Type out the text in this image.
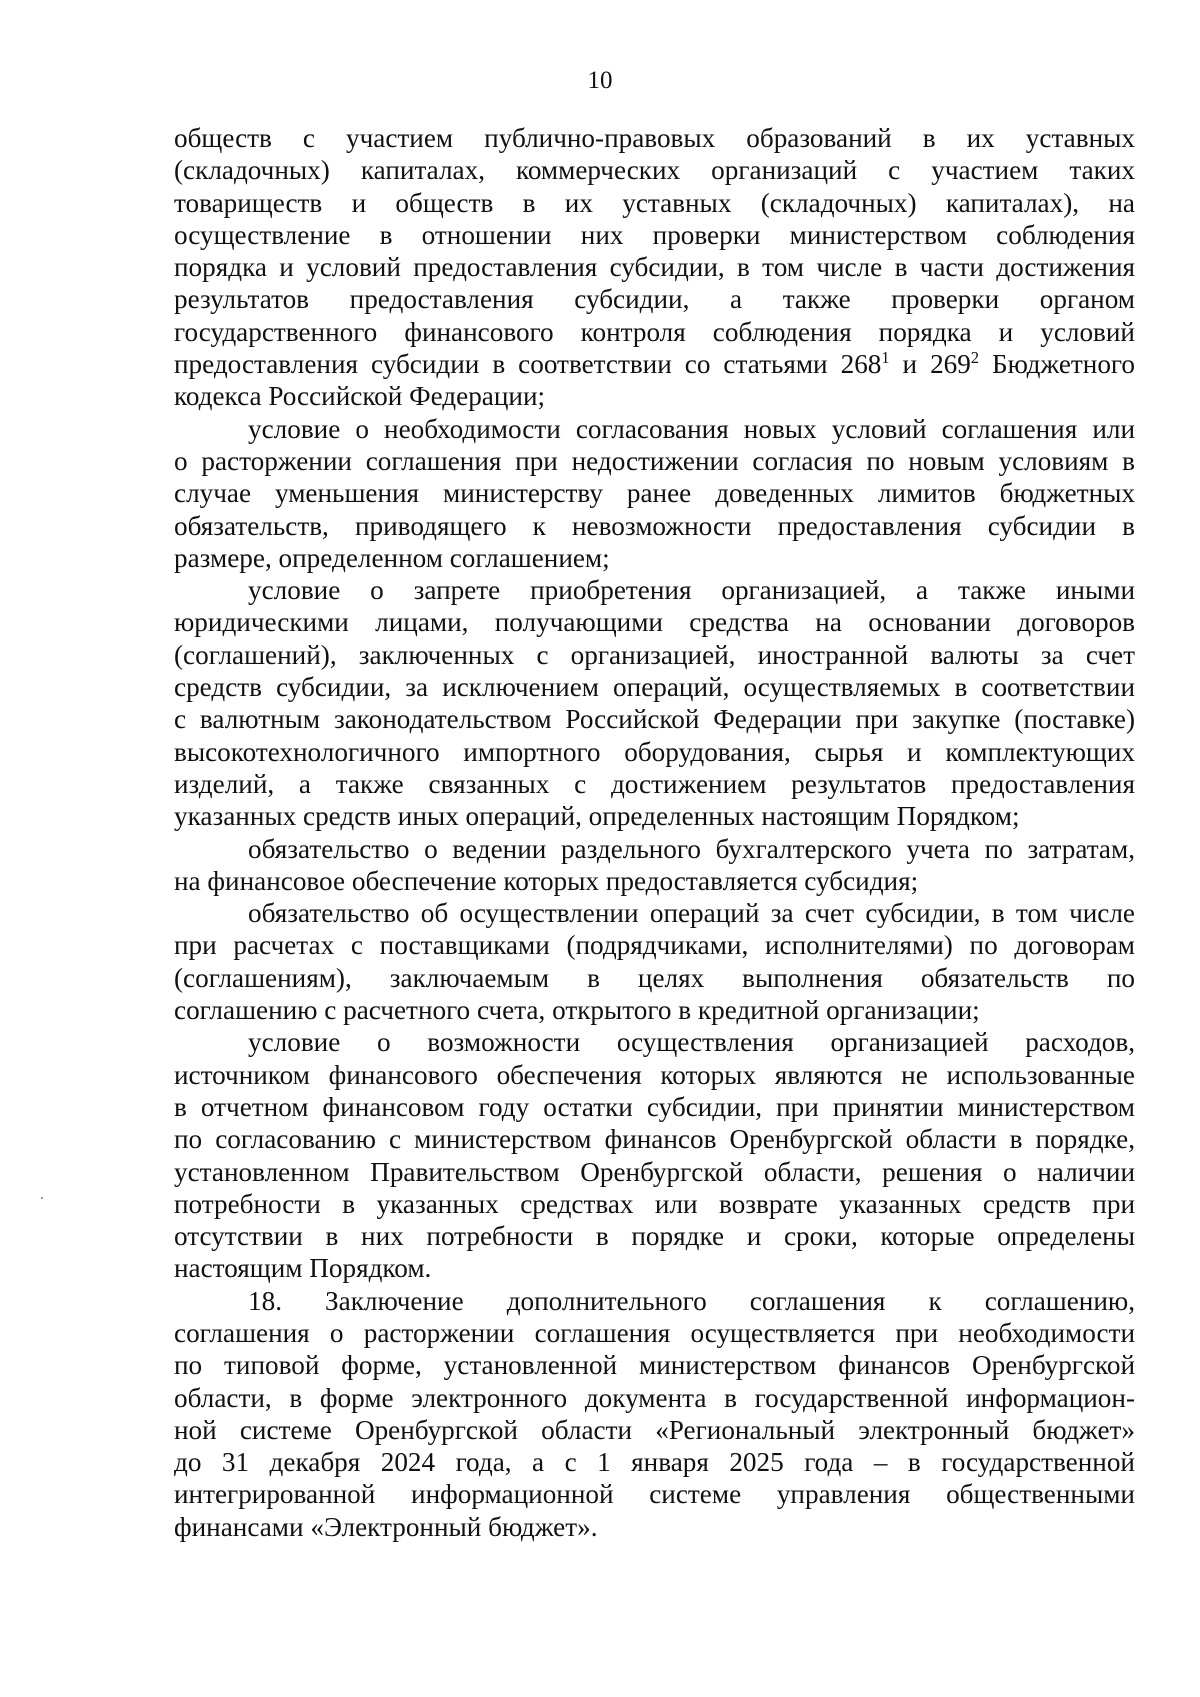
10
обществ с участием публично-правовых образований в их уставных
(складочных) капиталах, коммерческих организаций с участием таких
товариществ и обществ в их уставных (складочных) капиталах), на
осуществление в отношении них проверки министерством соблюдения
порядка и условий предоставления субсидии, в том числе в части достижения
результатов предоставления субсидии, а также проверки органом
государственного финансового контроля соблюдения порядка и условий
предоставления субсидии в соответствии со статьями $268^1$ и $269^2$ Бюджетного
кодекса Российской Федерации;
условие о необходимости согласования новых условий соглашения или
о расторжении соглашения при недостижении согласия по новым условиям в
случае уменьшения министерству ранее доведенных лимитов бюджетных
обязательств, приводящего к невозможности предоставления субсидии в
размере, определенном соглашением;
условие о запрете приобретения организацией, а также иными
юридическими лицами, получающими средства на основании договоров
(соглашений), заключенных с организацией, иностранной валюты за счет
средств субсидии, за исключением операций, осуществляемых в соответствии
с валютным законодательством Российской Федерации при закупке (поставке)
высокотехнологичного импортного оборудования, сырья и комплектующих
изделий, а также связанных с достижением результатов предоставления
указанных средств иных операций, определенных настоящим Порядком;
обязательство о ведении раздельного бухгалтерского учета по затратам,
на финансовое обеспечение которых предоставляется субсидия;
обязательство об осуществлении операций за счет субсидии, в том числе
при расчетах с поставщиками (подрядчиками, исполнителями) по договорам
(соглашениям), заключаемым в целях выполнения обязательств по
соглашению с расчетного счета, открытого в кредитной организации;
условие о возможности осуществления организацией расходов,
источником финансового обеспечения которых являются не использованные
в отчетном финансовом году остатки субсидии, при принятии министерством
по согласованию с министерством финансов Оренбургской области в порядке,
установленном Правительством Оренбургской области, решения о наличии
потребности в указанных средствах или возврате указанных средств при
отсутствии в них потребности в порядке и сроки, которые определены
настоящим Порядком.
18. Заключение дополнительного соглашения к соглашению,
соглашения о расторжении соглашения осуществляется при необходимости
по типовой форме, установленной министерством финансов Оренбургской
области, в форме электронного документа в государственной информацион-
ной системе Оренбургской области «Региональный электронный бюджет»
до 31 декабря 2024 года, а с 1 января 2025 года – в государственной
интегрированной информационной системе управления общественными
финансами «Электронный бюджет».
